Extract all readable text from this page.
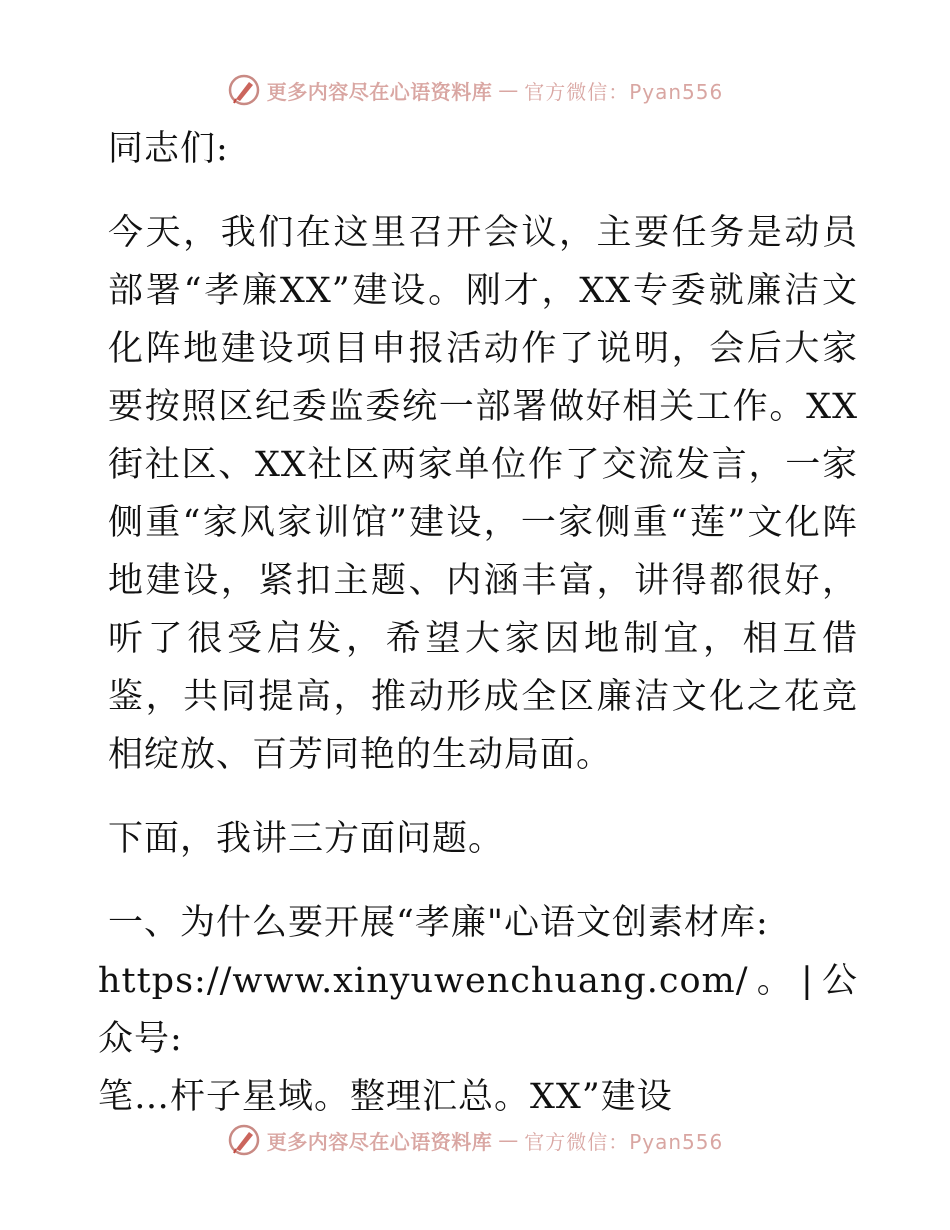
更多内容尽在心语资料库 — 官方微信：Pyan556

同志们:

今天，我们在这里召开会议，主要任务是动员部署“孝廉XX”建设。刚才，XX专委就廉洁文化阵地建设项目申报活动作了说明，会后大家要按照区纪委监委统一部署做好相关工作。XX街社区、XX社区两家单位作了交流发言，一家侧重“家风家训馆”建设，一家侧重“莲”文化阵地建设，紧扣主题、内涵丰富，讲得都很好，听了很受启发，希望大家因地制宜，相互借鉴，共同提高，推动形成全区廉洁文化之花竞相绽放、百芳同艳的生动局面。

下面，我讲三方面问题。

一、为什么要开展“孝廉"心语文创素材库:
https://www.xinyuwenchuang.com/。|公众号:
笔…杆子星域。整理汇总。XX”建设
更多内容尽在心语资料库 — 官方微信：Pyan556
